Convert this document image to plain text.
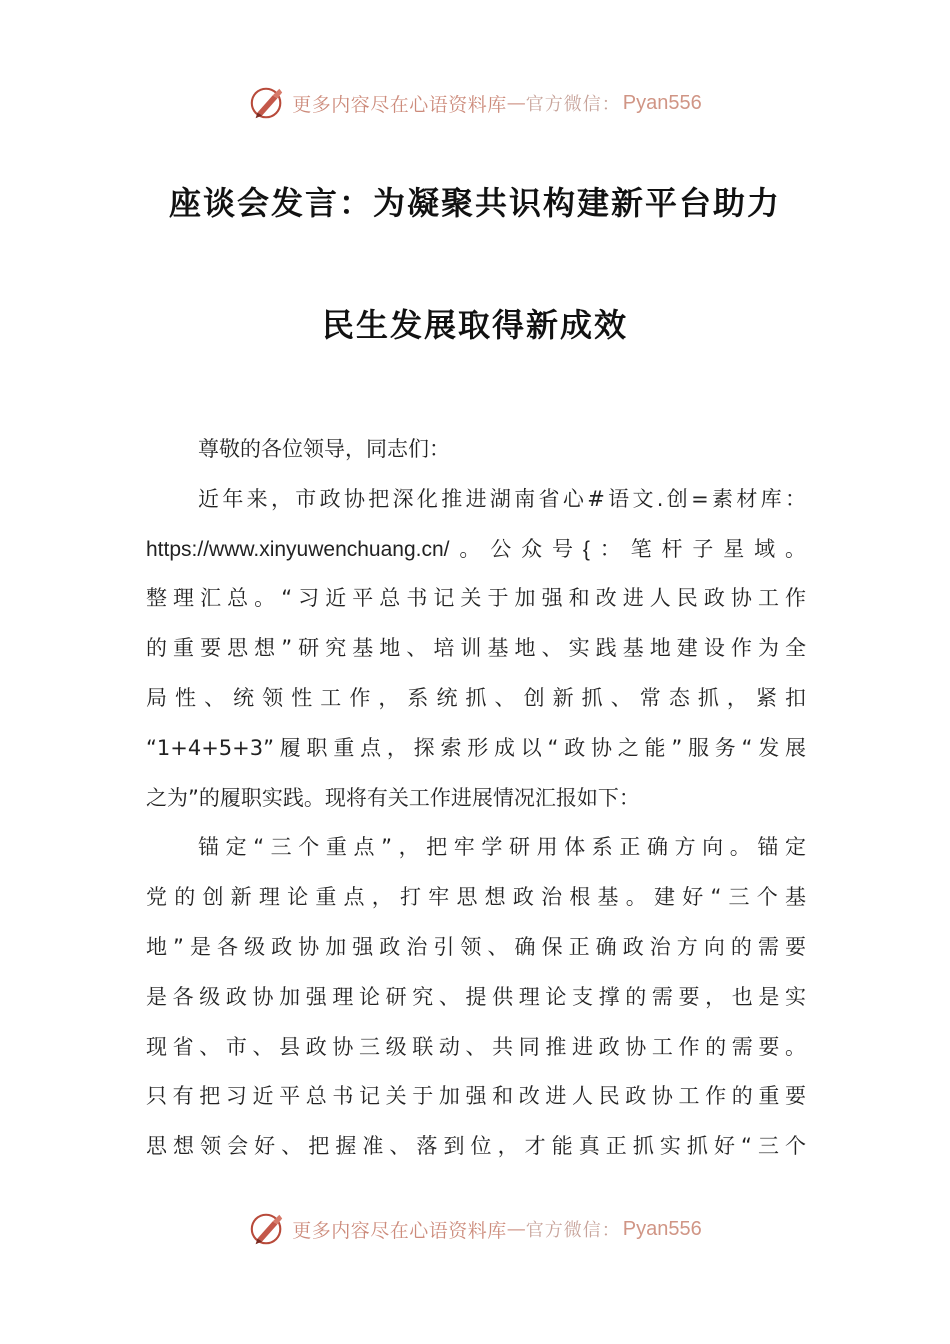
更多内容尽在心语资料库 — 官方微信： Pyan556
座谈会发言：为凝聚共识构建新平台助力
民生发展取得新成效
尊敬的各位领导，同志们：
近年来，市政协把深化推进湖南省心#语文.创=素材库：
https://www.xinyuwenchuang.cn/。公众号{：笔杆子星域。
整理汇总。“习近平总书记关于加强和改进人民政协工作
的重要思想”研究基地、培训基地、实践基地建设作为全
局性、统领性工作，系统抓、创新抓、常态抓，紧扣
“1+4+5+3”履职重点，探索形成以“政协之能”服务“发展
之为”的履职实践。现将有关工作进展情况汇报如下：
锚定“三个重点”，把牢学研用体系正确方向。锚定
党的创新理论重点，打牢思想政治根基。建好“三个基
地”是各级政协加强政治引领、确保正确政治方向的需要
是各级政协加强理论研究、提供理论支撑的需要，也是实
现省、市、县政协三级联动、共同推进政协工作的需要。
只有把习近平总书记关于加强和改进人民政协工作的重要
思想领会好、把握准、落到位，才能真正抓实抓好“三个
更多内容尽在心语资料库 — 官方微信： Pyan556
